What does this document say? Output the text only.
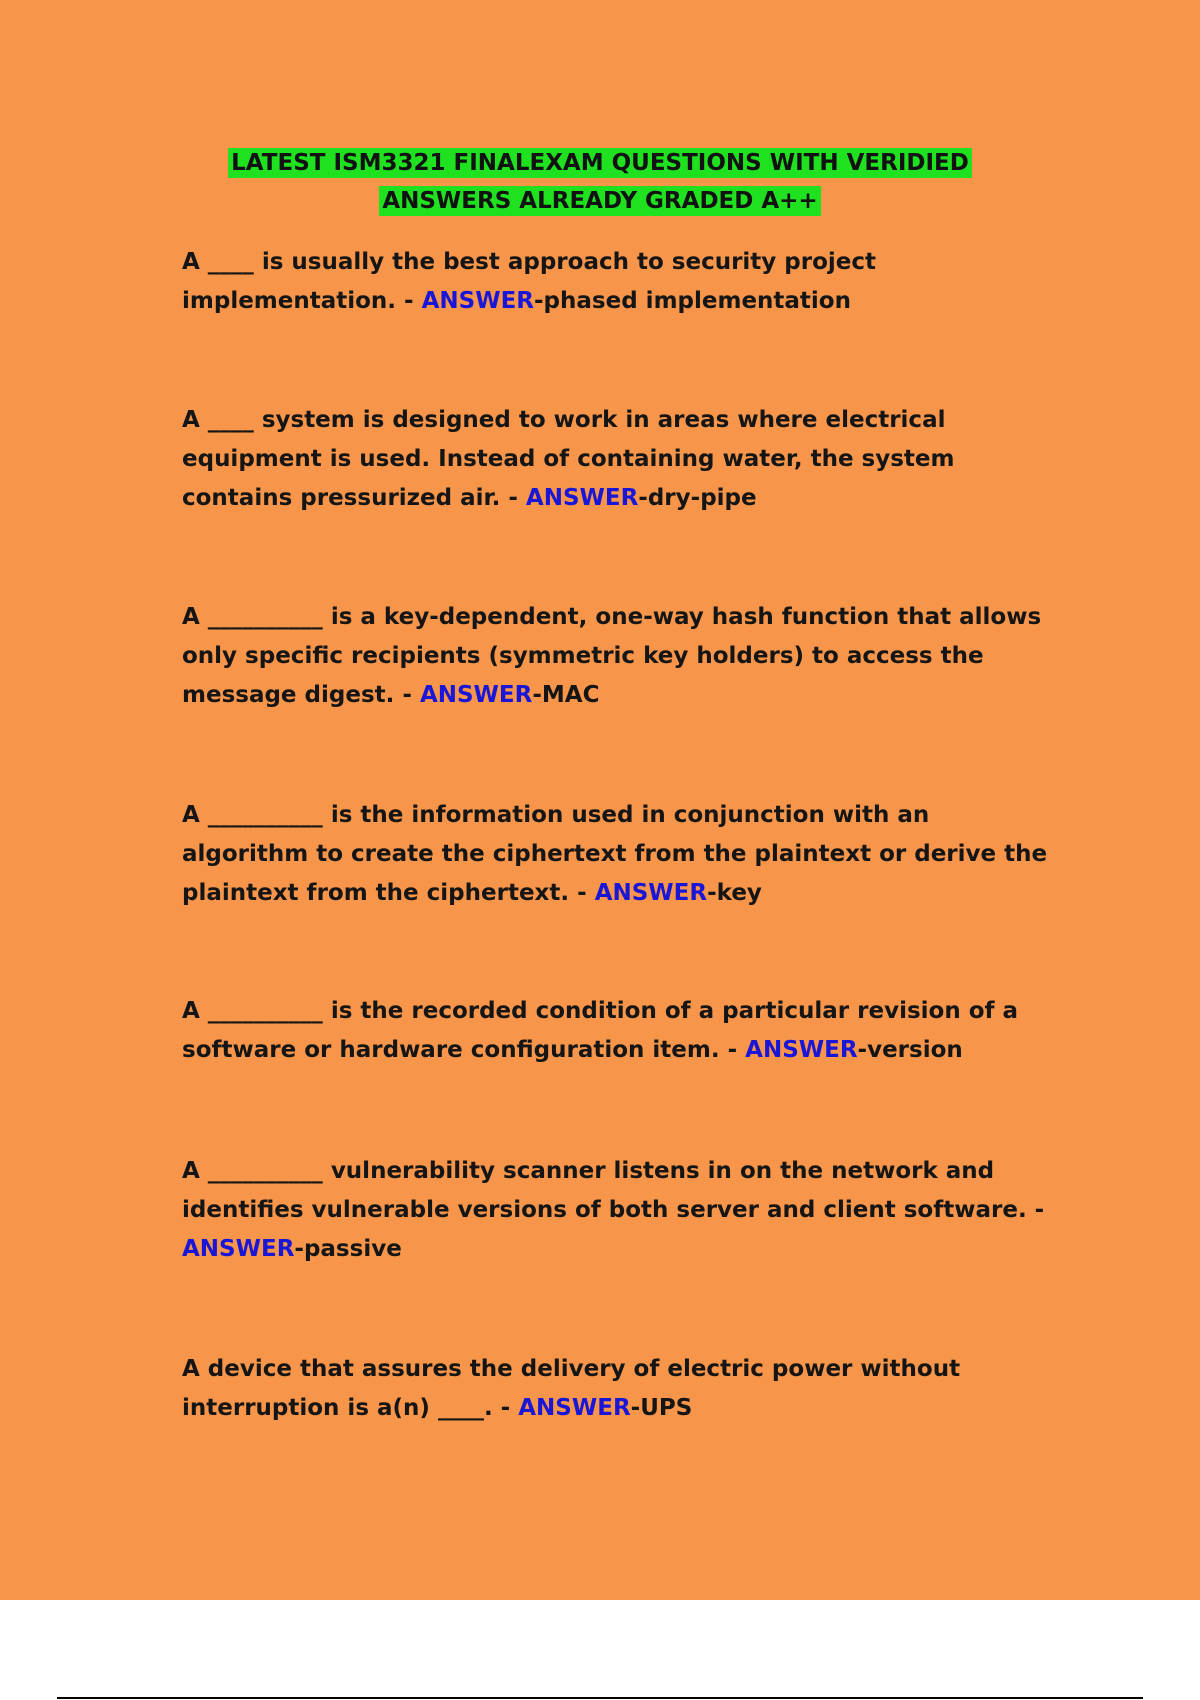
LATEST ISM3321 FINALEXAM QUESTIONS WITH VERIDIED
ANSWERS ALREADY GRADED A++

A ____ is usually the best approach to security project implementation. - ANSWER-phased implementation

A ____ system is designed to work in areas where electrical equipment is used. Instead of containing water, the system contains pressurized air. - ANSWER-dry-pipe

A __________ is a key-dependent, one-way hash function that allows only specific recipients (symmetric key holders) to access the message digest. - ANSWER-MAC

A __________ is the information used in conjunction with an algorithm to create the ciphertext from the plaintext or derive the plaintext from the ciphertext. - ANSWER-key

A __________ is the recorded condition of a particular revision of a software or hardware configuration item. - ANSWER-version

A __________ vulnerability scanner listens in on the network and identifies vulnerable versions of both server and client software. - ANSWER-passive

A device that assures the delivery of electric power without interruption is a(n) ____. - ANSWER-UPS
